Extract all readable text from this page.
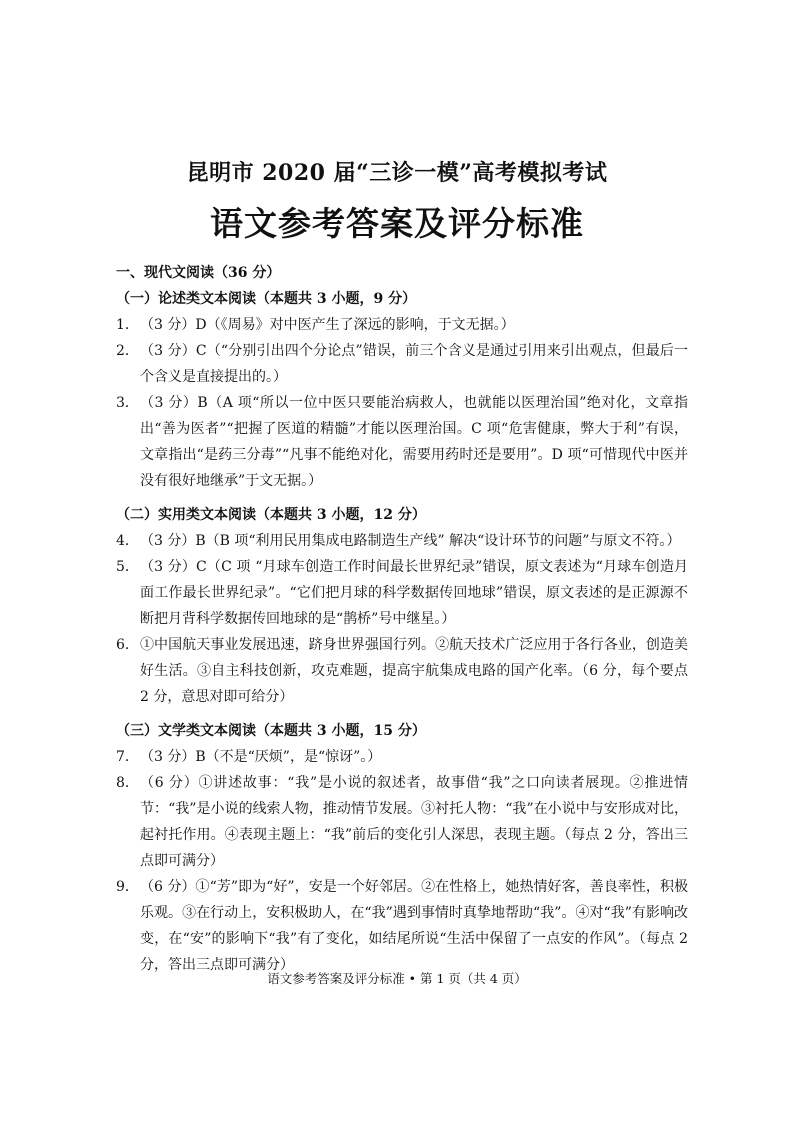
昆明市 2020 届“三诊一模”高考模拟考试
语文参考答案及评分标准
一、现代文阅读（36 分）
（一）论述类文本阅读（本题共 3 小题，9 分）
1． （3 分）D（《周易》对中医产生了深远的影响，于文无据。）
2． （3 分）C（“分别引出四个分论点”错误，前三个含义是通过引用来引出观点，但最后一个含义是直接提出的。）
3． （3 分）B（A 项“所以一位中医只要能治病救人，也就能以医理治国”绝对化，文章指出“善为医者”“把握了医道的精髓”才能以医理治国。C 项“危害健康，弊大于利”有误，文章指出“是药三分毒”“凡事不能绝对化，需要用药时还是要用”。D 项“可惜现代中医并没有很好地继承”于文无据。）
（二）实用类文本阅读（本题共 3 小题，12 分）
4． （3 分）B（B 项“利用民用集成电路制造生产线” 解决“设计环节的问题”与原文不符。）
5． （3 分）C（C 项 “月球车创造工作时间最长世界纪录”错误，原文表述为“月球车创造月面工作最长世界纪录”。“它们把月球的科学数据传回地球”错误，原文表述的是正源源不断把月背科学数据传回地球的是“鹊桥”号中继星。）
6． ①中国航天事业发展迅速，跻身世界强国行列。②航天技术广泛应用于各行各业，创造美好生活。③自主科技创新，攻克难题，提高宇航集成电路的国产化率。（6 分，每个要点 2 分，意思对即可给分）
（三）文学类文本阅读（本题共 3 小题，15 分）
7． （3 分）B（不是“厌烦”，是“惊讶”。）
8． （6 分）①讲述故事：“我”是小说的叙述者，故事借“我”之口向读者展现。②推进情节：“我”是小说的线索人物，推动情节发展。③衬托人物：“我”在小说中与安形成对比，起衬托作用。④表现主题上：“我”前后的变化引人深思，表现主题。（每点 2 分，答出三点即可满分）
9． （6 分）①“芳”即为“好”，安是一个好邻居。②在性格上，她热情好客，善良率性，积极乐观。③在行动上，安积极助人，在“我”遇到事情时真挚地帮助“我”。④对“我”有影响改变，在“安”的影响下“我”有了变化，如结尾所说“生活中保留了一点安的作风”。（每点 2 分，答出三点即可满分）
语文参考答案及评分标准 • 第 1 页（共 4 页）
